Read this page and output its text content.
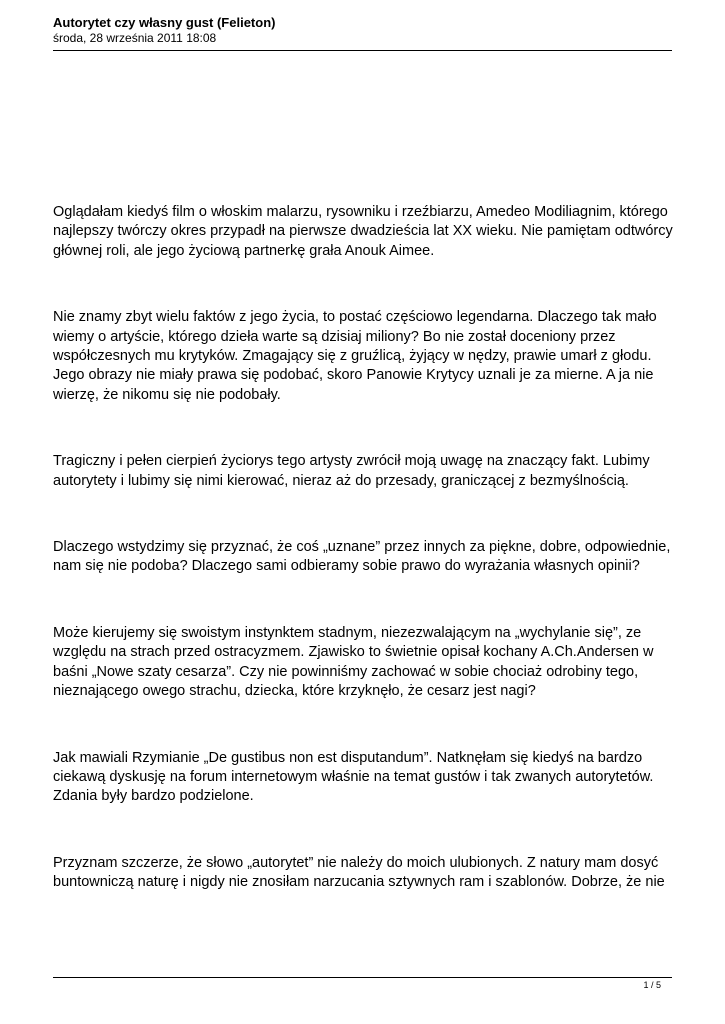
Autorytet czy własny gust (Felieton)
środa, 28 września 2011 18:08

Oglądałam kiedyś film o włoskim malarzu, rysowniku i rzeźbiarzu, Amedeo Modiliagnim, którego najlepszy twórczy okres przypadł na pierwsze dwadzieścia lat XX wieku. Nie pamiętam odtwórcy głównej roli, ale jego życiową partnerkę grała Anouk Aimee.

Nie znamy zbyt wielu faktów z jego życia, to postać częściowo legendarna. Dlaczego tak mało wiemy o artyście, którego dzieła warte są dzisiaj miliony? Bo nie został doceniony przez współczesnych mu krytyków. Zmagający się z gruźlicą, żyjący w nędzy, prawie umarł z głodu. Jego obrazy nie miały prawa się podobać, skoro Panowie Krytycy uznali je za mierne. A ja nie wierzę, że nikomu się nie podobały.

Tragiczny i pełen cierpień życiorys tego artysty zwrócił moją uwagę na znaczący fakt. Lubimy autorytety i lubimy się nimi kierować, nieraz aż do przesady, graniczącej z bezmyślnością.

Dlaczego wstydzimy się przyznać, że coś „uznane” przez innych za piękne, dobre, odpowiednie, nam się nie podoba? Dlaczego sami odbieramy sobie prawo do wyrażania własnych opinii?

Może kierujemy się swoistym instynktem stadnym, niezezwalającym na „wychylanie się”, ze względu na strach przed ostracyzmem. Zjawisko to świetnie opisał kochany A.Ch.Andersen w baśni „Nowe szaty cesarza”. Czy nie powinniśmy zachować w sobie chociaż odrobiny tego, nieznającego owego strachu, dziecka, które krzyknęło, że cesarz jest nagi?

Jak mawiali Rzymianie „De gustibus non est disputandum”. Natknęłam się kiedyś na bardzo ciekawą dyskusję na forum internetowym właśnie na temat gustów i tak zwanych autorytetów. Zdania były bardzo podzielone.

Przyznam szczerze, że słowo „autorytet” nie należy do moich ulubionych. Z natury mam dosyć buntowniczą naturę i nigdy nie znosiłam narzucania sztywnych ram i szablonów. Dobrze, że nie

1 / 5
